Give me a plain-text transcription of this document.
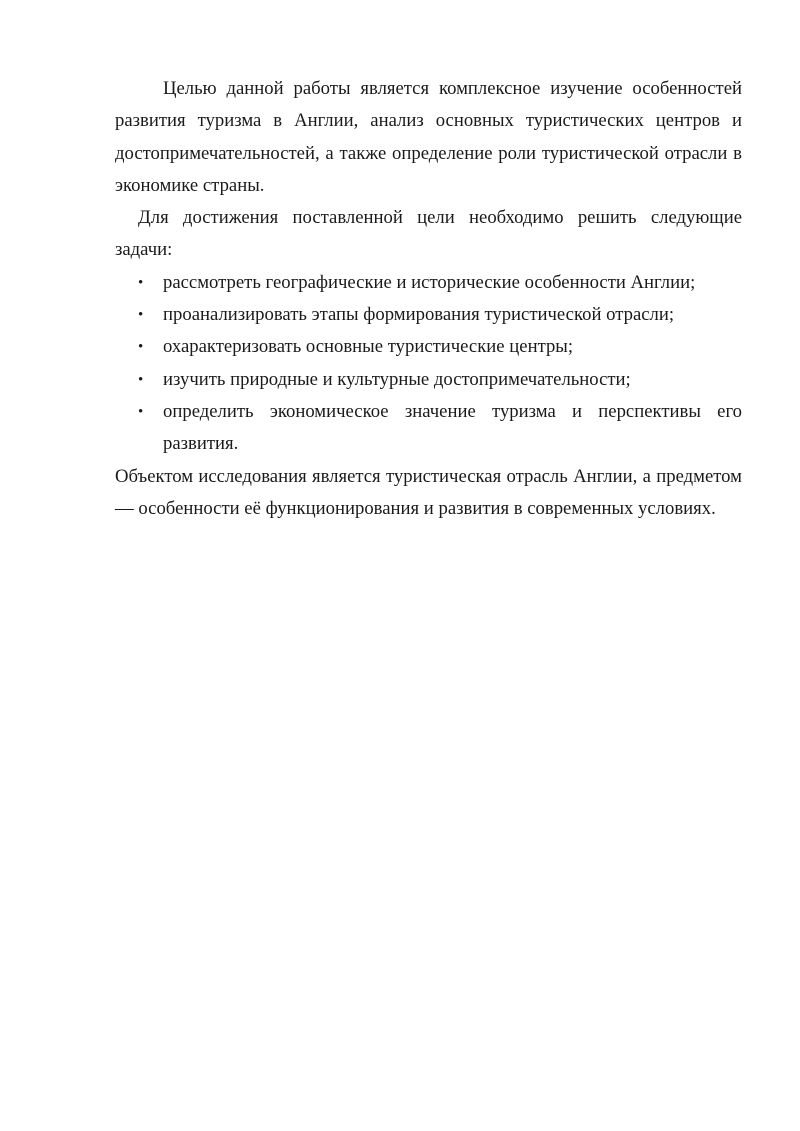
Целью данной работы является комплексное изучение особенностей развития туризма в Англии, анализ основных туристических центров и достопримечательностей, а также определение роли туристической отрасли в экономике страны.

Для достижения поставленной цели необходимо решить следующие задачи:

• рассмотреть географические и исторические особенности Англии;
• проанализировать этапы формирования туристической отрасли;
• охарактеризовать основные туристические центры;
• изучить природные и культурные достопримечательности;
• определить экономическое значение туризма и перспективы его развития.

Объектом исследования является туристическая отрасль Англии, а предметом — особенности её функционирования и развития в современных условиях.
